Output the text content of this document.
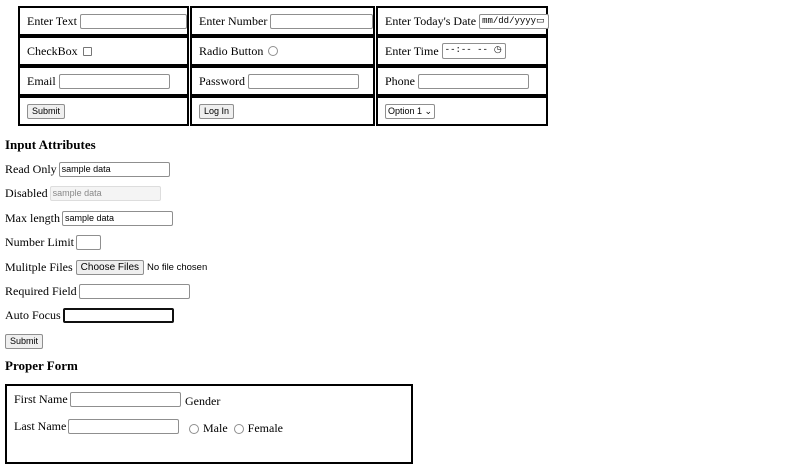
Enter Text	Enter Number	Enter Today's Date mm/dd/yyyy ▭
CheckBox	Radio Button	Enter Time --:-- -- ◷
Email	Password	Phone
Submit	Log In	Option 1 ⌄
Input Attributes
Read Only sample data
Disabled sample data
Max length sample data
Number Limit
Mulitple Files Choose Files No file chosen
Required Field
Auto Focus
Submit
Proper Form
First Name	Gender
Last Name	Male Female
